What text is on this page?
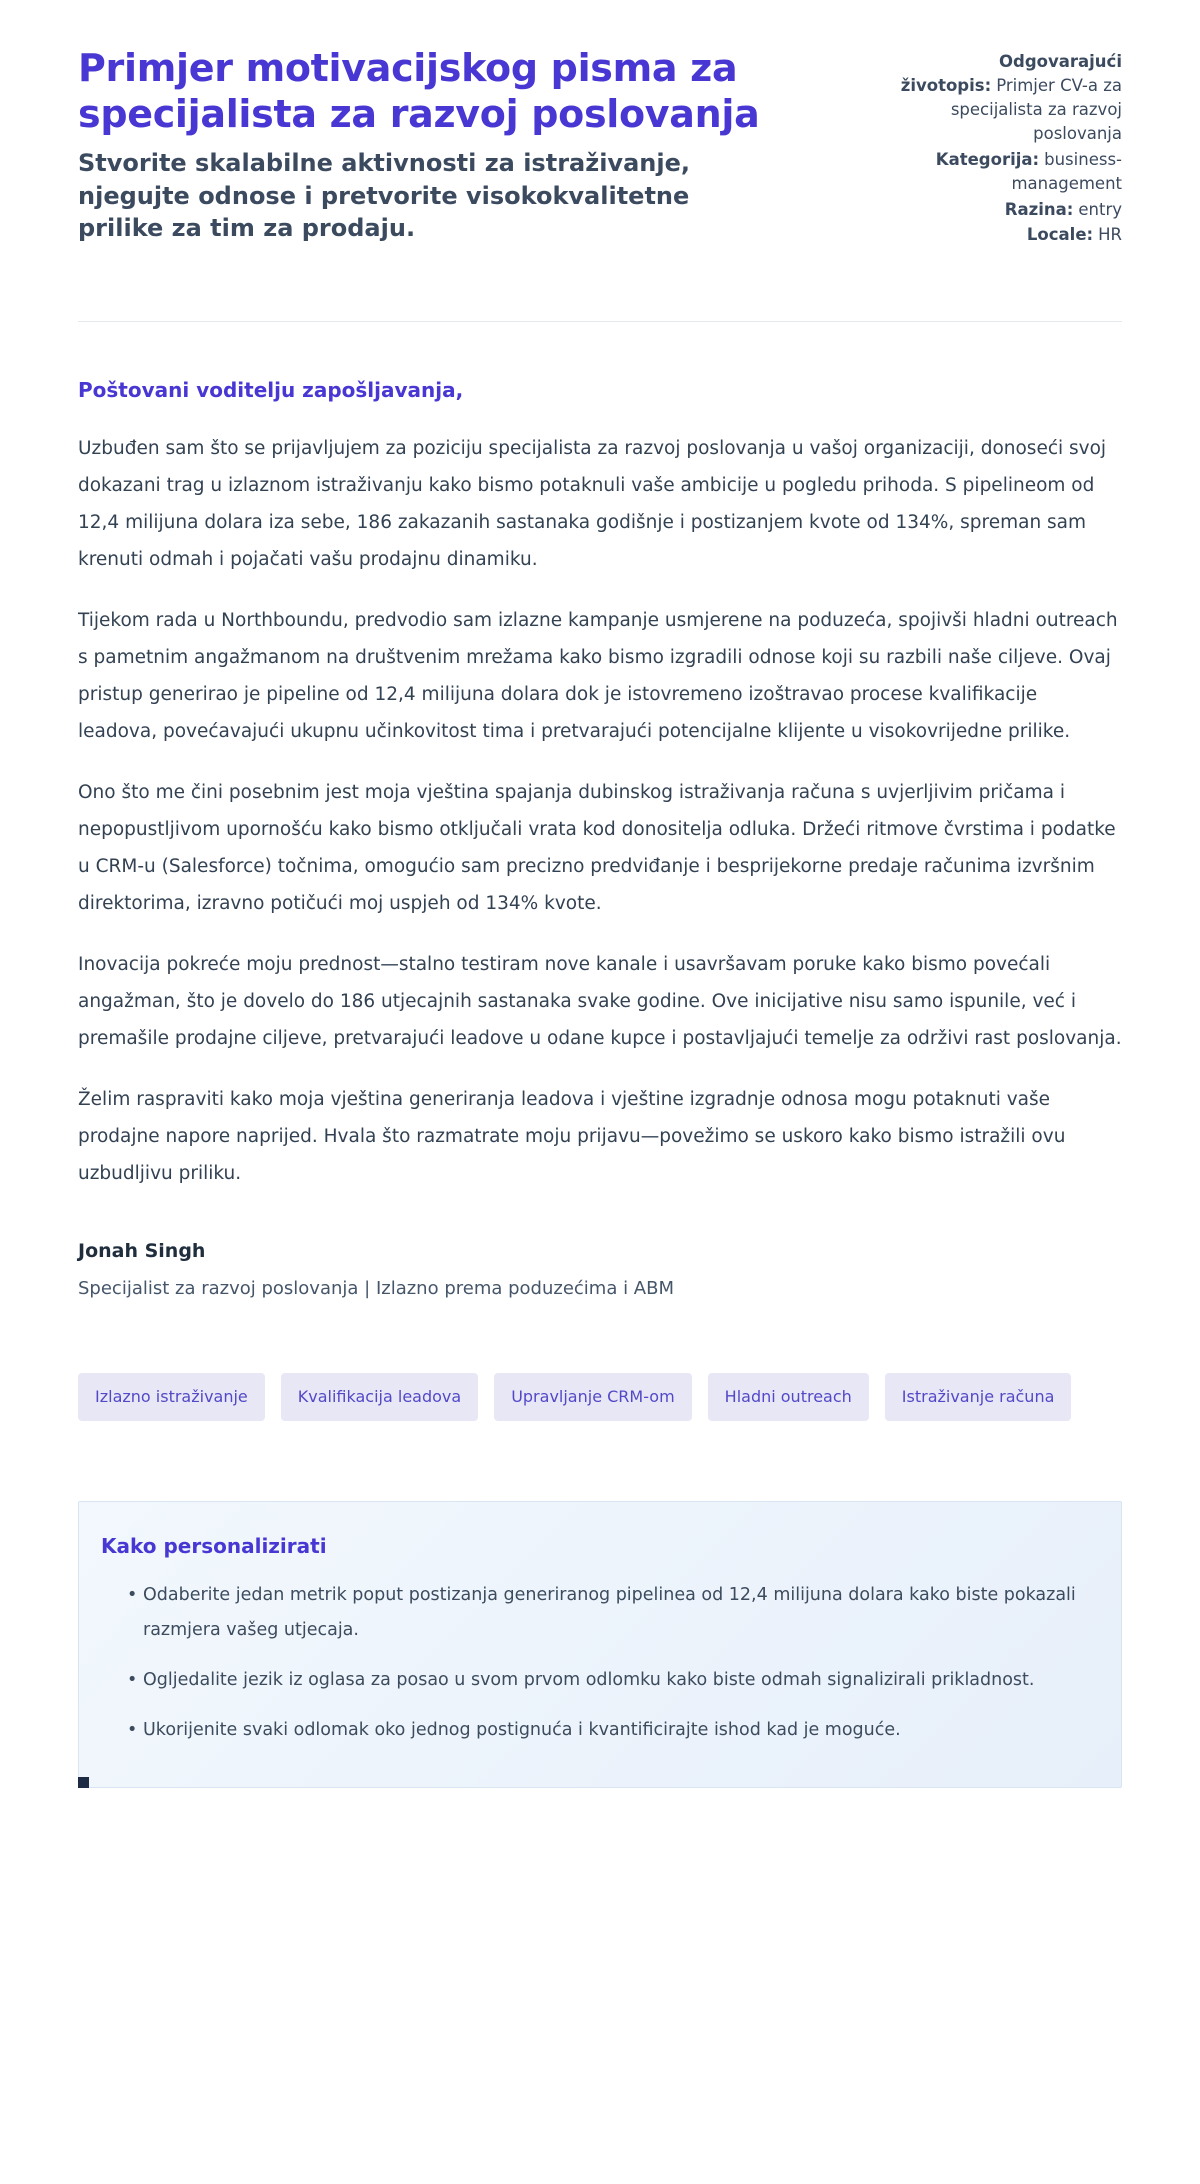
Primjer motivacijskog pisma za specijalista za razvoj poslovanja
Stvorite skalabilne aktivnosti za istraživanje, njegujte odnose i pretvorite visokokvalitetne prilike za tim za prodaju.
Odgovarajući životopis: Primjer CV-a za specijalista za razvoj poslovanja
Kategorija: business-management
Razina: entry
Locale: HR

Poštovani voditelju zapošljavanja,

Uzbuđen sam što se prijavljujem za poziciju specijalista za razvoj poslovanja u vašoj organizaciji, donoseći svoj dokazani trag u izlaznom istraživanju kako bismo potaknuli vaše ambicije u pogledu prihoda. S pipelineom od 12,4 milijuna dolara iza sebe, 186 zakazanih sastanaka godišnje i postizanjem kvote od 134%, spreman sam krenuti odmah i pojačati vašu prodajnu dinamiku.

Tijekom rada u Northboundu, predvodio sam izlazne kampanje usmjerene na poduzeća, spojivši hladni outreach s pametnim angažmanom na društvenim mrežama kako bismo izgradili odnose koji su razbili naše ciljeve. Ovaj pristup generirao je pipeline od 12,4 milijuna dolara dok je istovremeno izoštravao procese kvalifikacije leadova, povećavajući ukupnu učinkovitost tima i pretvarajući potencijalne klijente u visokovrijedne prilike.

Ono što me čini posebnim jest moja vještina spajanja dubinskog istraživanja računa s uvjerljivim pričama i nepopustljivom upornošću kako bismo otključali vrata kod donositelja odluka. Držeći ritmove čvrstima i podatke u CRM-u (Salesforce) točnima, omogućio sam precizno predviđanje i besprijekorne predaje računima izvršnim direktorima, izravno potičući moj uspjeh od 134% kvote.

Inovacija pokreće moju prednost—stalno testiram nove kanale i usavršavam poruke kako bismo povećali angažman, što je dovelo do 186 utjecajnih sastanaka svake godine. Ove inicijative nisu samo ispunile, već i premašile prodajne ciljeve, pretvarajući leadove u odane kupce i postavljajući temelje za održivi rast poslovanja.

Želim raspraviti kako moja vještina generiranja leadova i vještine izgradnje odnosa mogu potaknuti vaše prodajne napore naprijed. Hvala što razmatrate moju prijavu—povežimo se uskoro kako bismo istražili ovu uzbudljivu priliku.

Jonah Singh

Specijalist za razvoj poslovanja | Izlazno prema poduzećima i ABM

Izlazno istraživanje	Kvalifikacija leadova	Upravljanje CRM-om	Hladni outreach	Istraživanje računa
Kako personalizirati
• Odaberite jedan metrik poput postizanja generiranog pipelinea od 12,4 milijuna dolara kako biste pokazali razmjera vašeg utjecaja.
• Ogljedalite jezik iz oglasa za posao u svom prvom odlomku kako biste odmah signalizirali prikladnost.
• Ukorijenite svaki odlomak oko jednog postignuća i kvantificirajte ishod kad je moguće.
